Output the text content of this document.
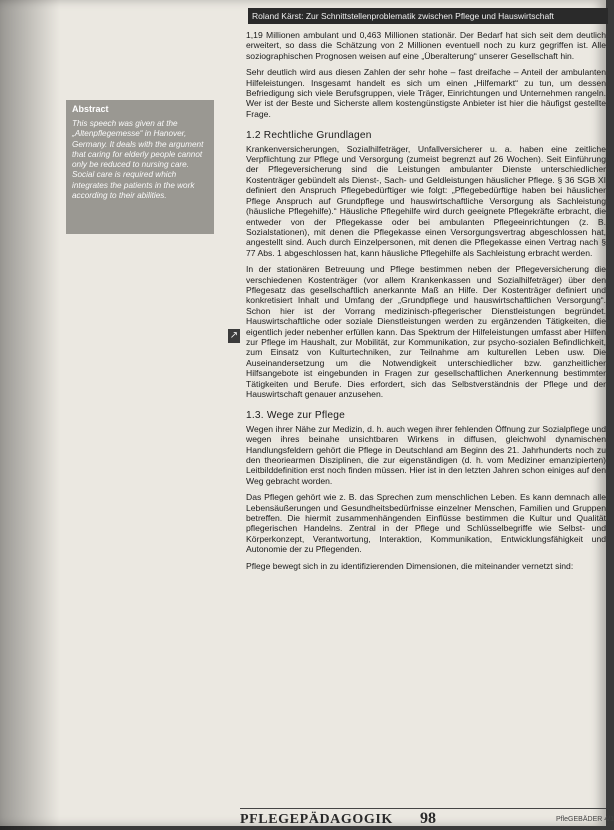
Roland Kärst: Zur Schnittstellenproblematik zwischen Pflege und Hauswirtschaft
Abstract
This speech was given at the „Altenpflegemesse“ in Hanover, Germany. It deals with the argument that caring for elderly people cannot only be reduced to nursing care. Social care is required which integrates the patients in the work according to their abilities.
↗

1,19 Millionen ambulant und 0,463 Millionen stationär. Der Bedarf hat sich seit dem deutlich erweitert, so dass die Schätzung von 2 Millionen eventuell noch zu kurz gegriffen ist. Alle soziographischen Prognosen weisen auf eine „Überalterung“ unserer Gesellschaft hin.

Sehr deutlich wird aus diesen Zahlen der sehr hohe – fast dreifache – Anteil der ambulanten Hilfeleistungen. Insgesamt handelt es sich um einen „Hilfemarkt“ zu tun, um dessen Befriedigung sich viele Berufsgruppen, viele Träger, Einrichtungen und Unternehmen rangeln. Wer ist der Beste und Sicherste allem kostengünstigste Anbieter ist hier die häufigst gestellte Frage.

1.2 Rechtliche Grundlagen

Krankenversicherungen, Sozialhilfeträger, Unfallversicherer u. a. haben eine zeitliche Verpflichtung zur Pflege und Versorgung (zumeist begrenzt auf 26 Wochen). Seit Einführung der Pflegeversicherung sind die Leistungen ambulanter Dienste unterschiedlicher Kostenträger gebündelt als Dienst-, Sach- und Geldleistungen häuslicher Pflege. § 36 SGB XI definiert den Anspruch Pflegebedürftiger wie folgt: „Pflegebedürftige haben bei häuslicher Pflege Anspruch auf Grundpflege und hauswirtschaftliche Versorgung als Sachleistung (häusliche Pflegehilfe).“ Häusliche Pflegehilfe wird durch geeignete Pflegekräfte erbracht, die entweder von der Pflegekasse oder bei ambulanten Pflegeeinrichtungen (z. B. Sozialstationen), mit denen die Pflegekasse einen Versorgungsvertrag abgeschlossen hat, angestellt sind. Auch durch Einzelpersonen, mit denen die Pflegekasse einen Vertrag nach § 77 Abs. 1 abgeschlossen hat, kann häusliche Pflegehilfe als Sachleistung erbracht werden.

In der stationären Betreuung und Pflege bestimmen neben der Pflegeversicherung die verschiedenen Kostenträger (vor allem Krankenkassen und Sozialhilfeträger) über den Pflegesatz das gesellschaftlich anerkannte Maß an Hilfe. Der Kostenträger definiert und konkretisiert Inhalt und Umfang der „Grundpflege und hauswirtschaftlichen Versorgung“. Schon hier ist der Vorrang medizinisch-pflegerischer Dienstleistungen begründet. Hauswirtschaftliche oder soziale Dienstleistungen werden zu ergänzenden Tätigkeiten, die eigentlich jeder nebenher erfüllen kann. Das Spektrum der Hilfeleistungen umfasst aber Hilfen zur Pflege im Haushalt, zur Mobilität, zur Kommunikation, zur psycho-sozialen Befindlichkeit, zum Einsatz von Kulturtechniken, zur Teilnahme am kulturellen Leben usw. Die Auseinandersetzung um die Notwendigkeit unterschiedlicher bzw. ganzheitlicher Hilfsangebote ist eingebunden in Fragen zur gesellschaftlichen Anerkennung bestimmter Tätigkeiten und Berufe. Dies erfordert, sich das Selbstverständnis der Pflege und der Hauswirtschaft genauer anzusehen.

1.3. Wege zur Pflege

Wegen ihrer Nähe zur Medizin, d. h. auch wegen ihrer fehlenden Öffnung zur Sozialpflege und wegen ihres beinahe unsichtbaren Wirkens in diffusen, gleichwohl dynamischen Handlungsfeldern gehört die Pflege in Deutschland am Beginn des 21. Jahrhunderts noch zu den theoriearmen Disziplinen, die zur eigenständigen (d. h. vom Mediziner emanzipierten) Leitbilddefinition erst noch finden müssen. Hier ist in den letzten Jahren schon einiges auf den Weg gebracht worden.

Das Pflegen gehört wie z. B. das Sprechen zum menschlichen Leben. Es kann demnach alle Lebensäußerungen und Gesundheitsbedürfnisse einzelner Menschen, Familien und Gruppen betreffen. Die hiermit zusammenhängenden Einflüsse bestimmen die Kultur und Qualität pflegerischen Handelns. Zentral in der Pflege und Schlüsselbegriffe wie Selbst- und Körperkonzept, Verantwortung, Interaktion, Kommunikation, Entwicklungsfähigkeit und Autonomie der zu Pflegenden.

Pflege bewegt sich in zu identifizierenden Dimensionen, die miteinander vernetzt sind:

PFLEGEPÄDAGOGIK 98	PfleGEBÄDER 4/1
